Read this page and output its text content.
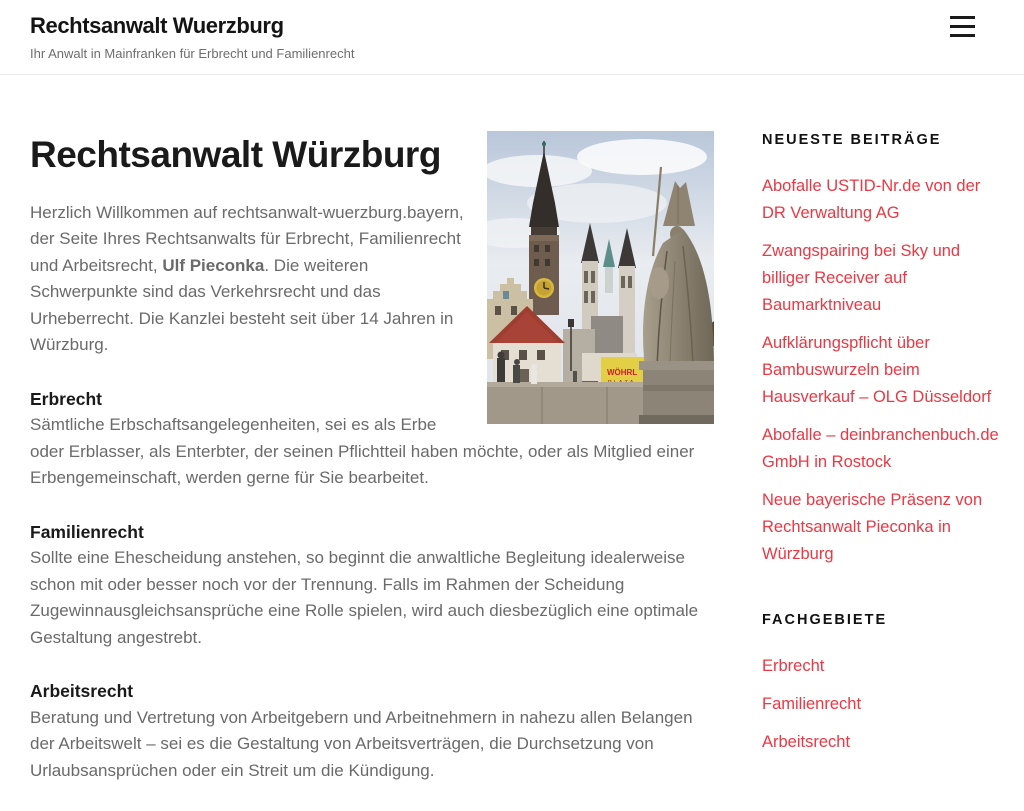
Rechtsanwalt Wuerzburg
Ihr Anwalt in Mainfranken für Erbrecht und Familienrecht
WÖHRL
Rechtsanwalt Würzburg

Herzlich Willkommen auf rechtsanwalt-wuerzburg.bayern, der Seite Ihres Rechtsanwalts für Erbrecht, Familienrecht und Arbeitsrecht, Ulf Pieconka. Die weiteren Schwerpunkte sind das Verkehrsrecht und das Urheberrecht. Die Kanzlei besteht seit über 14 Jahren in Würzburg.

Erbrecht

Sämtliche Erbschaftsangelegenheiten, sei es als Erbe oder Erblasser, als Enterbter, der seinen Pflichtteil haben möchte, oder als Mitglied einer Erbengemeinschaft, werden gerne für Sie bearbeitet.

Familienrecht

Sollte eine Ehescheidung anstehen, so beginnt die anwaltliche Begleitung idealerweise schon mit oder besser noch vor der Trennung. Falls im Rahmen der Scheidung Zugewinnausgleichsansprüche eine Rolle spielen, wird auch diesbezüglich eine optimale Gestaltung angestrebt.

Arbeitsrecht

Beratung und Vertretung von Arbeitgebern und Arbeitnehmern in nahezu allen Belangen der Arbeitswelt – sei es die Gestaltung von Arbeitsverträgen, die Durchsetzung von Urlaubsansprüchen oder ein Streit um die Kündigung.

NEUESTE BEITRÄGE
Abofalle USTID-Nr.de von der DR Verwaltung AG
Zwangspairing bei Sky und billiger Receiver auf Baumarktniveau
Aufklärungspflicht über Bambuswurzeln beim Hausverkauf – OLG Düsseldorf
Abofalle – deinbranchenbuch.de GmbH in Rostock
Neue bayerische Präsenz von Rechtsanwalt Pieconka in Würzburg
FACHGEBIETE
Erbrecht
Familienrecht
Arbeitsrecht
